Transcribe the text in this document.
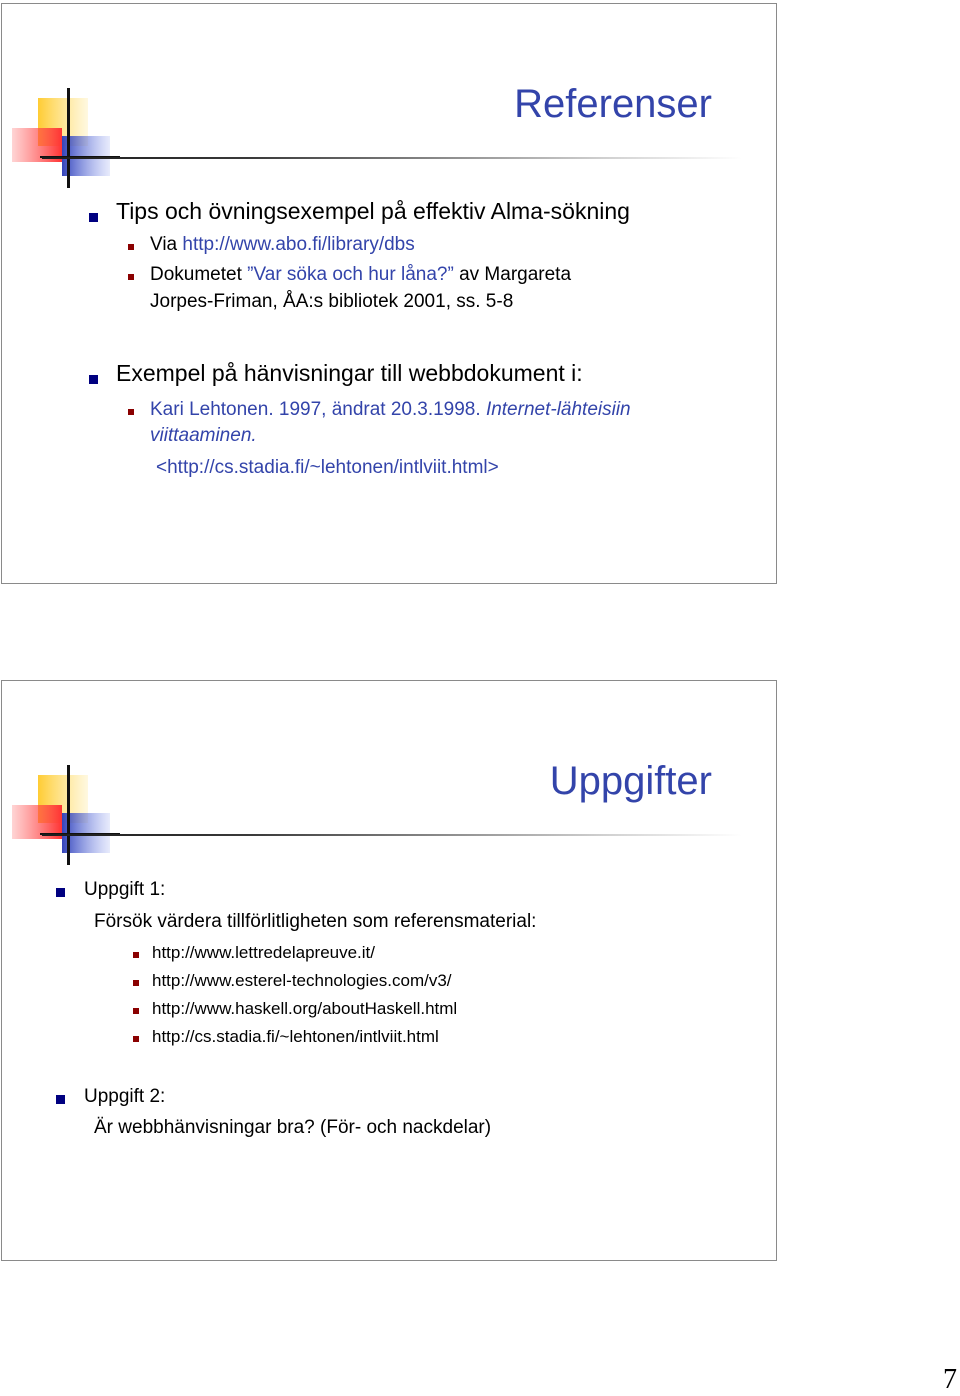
Referenser
Tips och övningsexempel på effektiv Alma-sökning
Via http://www.abo.fi/library/dbs
Dokumetet ”Var söka och hur låna?” av Margareta
Jorpes-Friman, ÅA:s bibliotek 2001, ss. 5-8
Exempel på hänvisningar till webbdokument i:
Kari Lehtonen. 1997, ändrat 20.3.1998. Internet-lähteisiin
viittaaminen.
<http://cs.stadia.fi/~lehtonen/intlviit.html>
Uppgifter
Uppgift 1:
Försök värdera tillförlitligheten som referensmaterial:
http://www.lettredelapreuve.it/
http://www.esterel-technologies.com/v3/
http://www.haskell.org/aboutHaskell.html
http://cs.stadia.fi/~lehtonen/intlviit.html
Uppgift 2:
Är webbhänvisningar bra? (För- och nackdelar)
7
